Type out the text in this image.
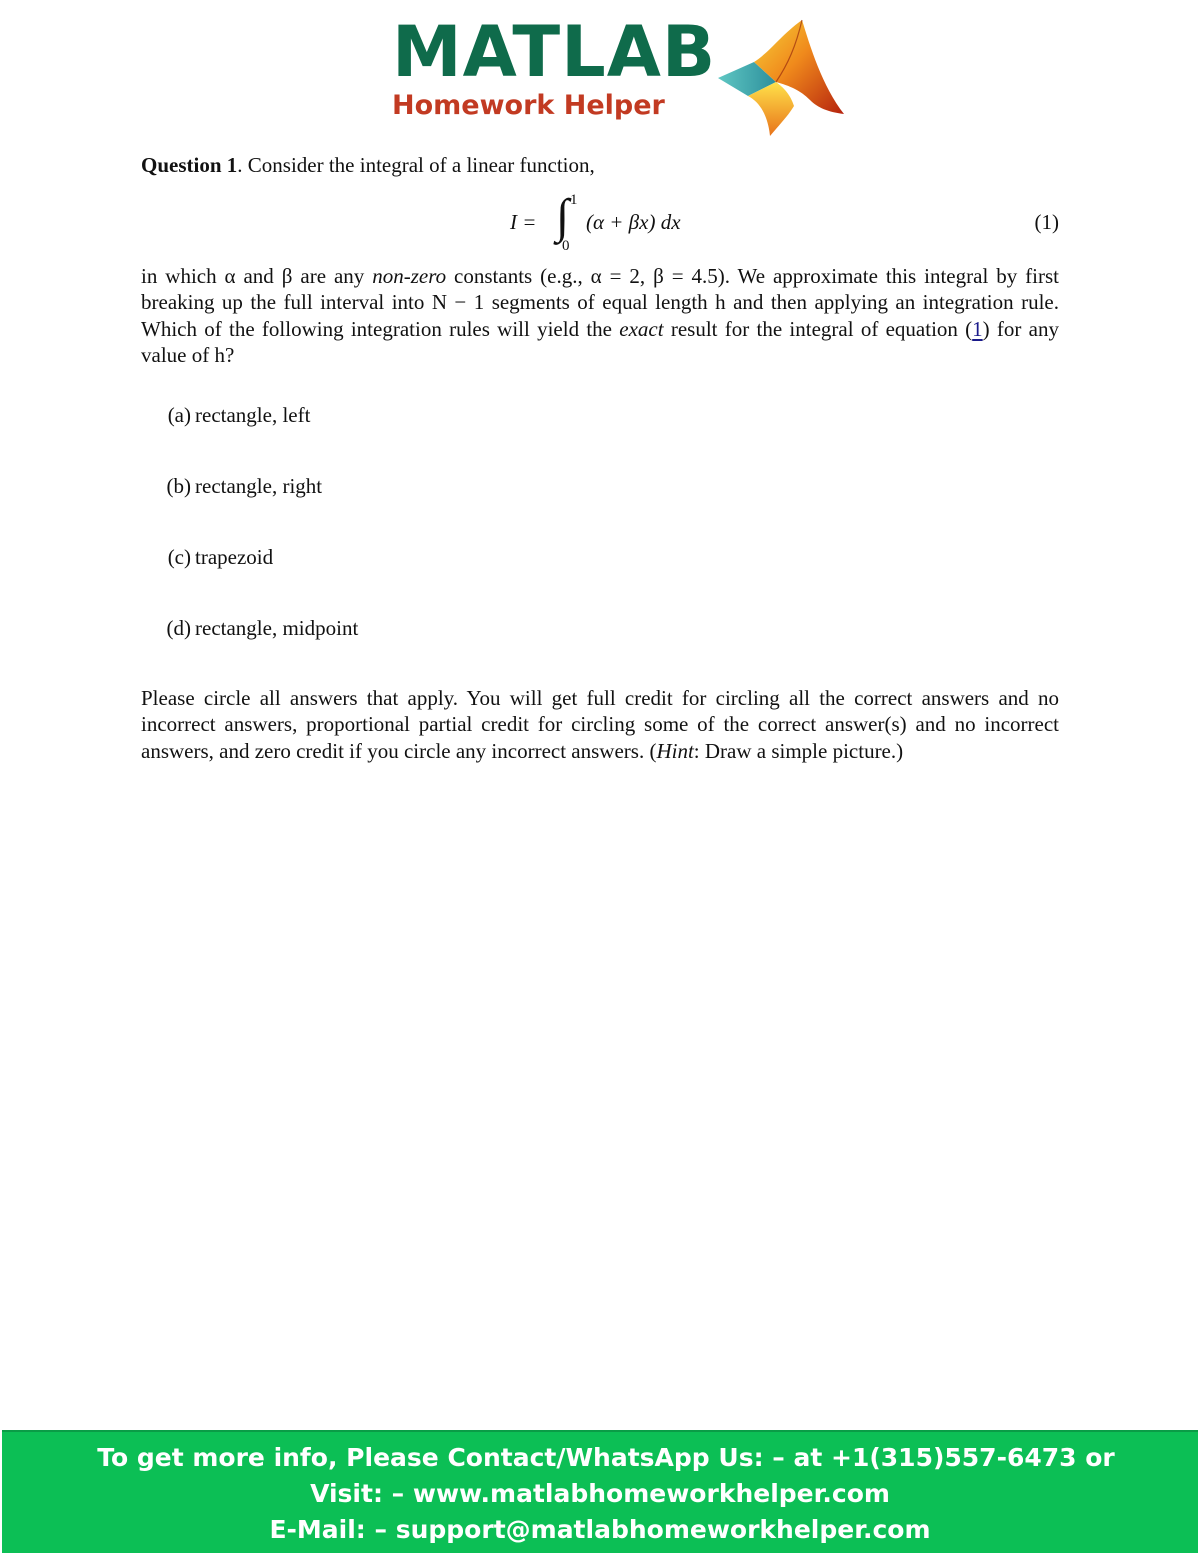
MATLAB
Homework Helper

Question 1. Consider the integral of a linear function,

I = ∫ 1
0
(α + βx) dx	(1)

in which α and β are any non-zero constants (e.g., α = 2, β = 4.5). We approximate this integral by first breaking up the full interval into N − 1 segments of equal length h and then applying an integration rule. Which of the following integration rules will yield the exact result for the integral of equation (1) for any value of h?

(a) rectangle, left
(b) rectangle, right
(c) trapezoid
(d) rectangle, midpoint

Please circle all answers that apply. You will get full credit for circling all the correct answers and no incorrect answers, proportional partial credit for circling some of the correct answer(s) and no incorrect answers, and zero credit if you circle any incorrect answers. (Hint: Draw a simple picture.)

To get more info, Please Contact/WhatsApp Us: – at +1(315)557-6473 or
Visit: – www.matlabhomeworkhelper.com
E-Mail: – support@matlabhomeworkhelper.com
